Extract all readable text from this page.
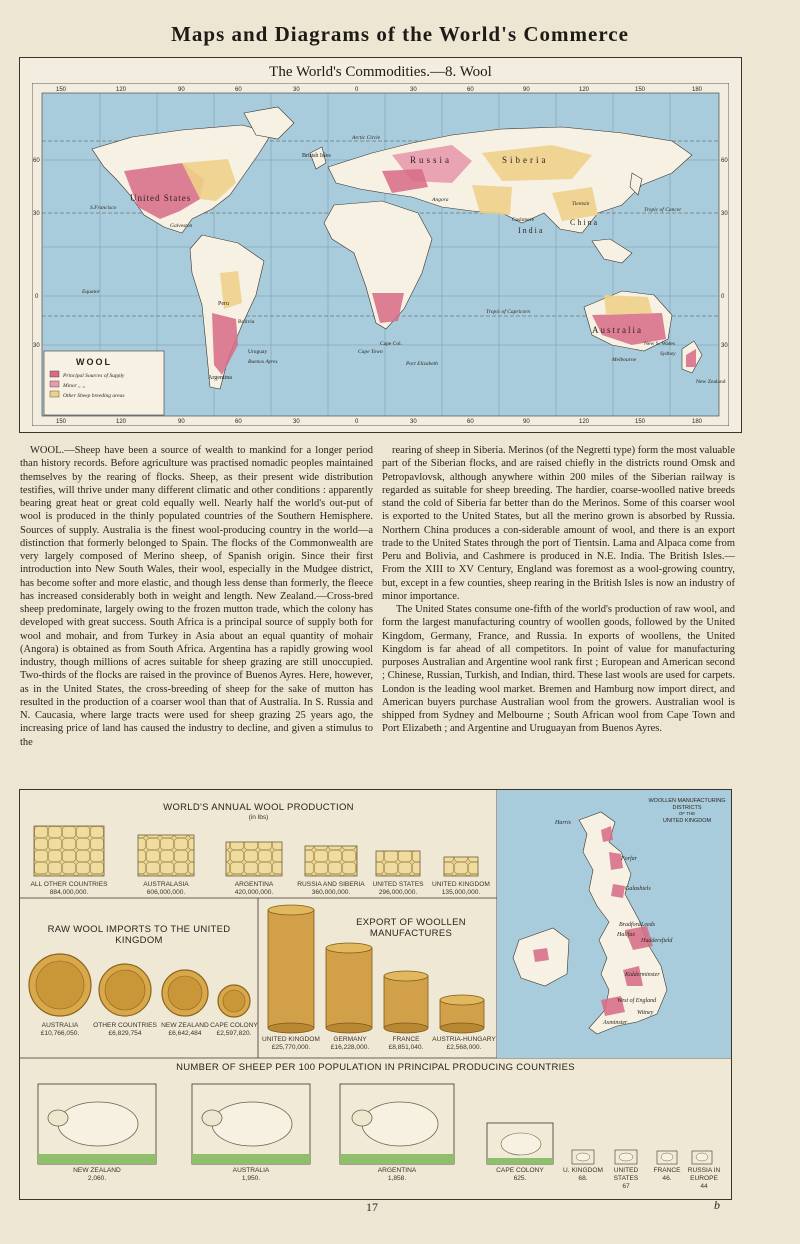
Maps and Diagrams of the World's Commerce
The World's Commodities.—8. Wool
150	120	90	60	30	0	30	60	90	120	150	180
150	120	90	60	30	0	30	60	90	120	150	180
60
30
0
30
60
30
0
30
Arctic Circle
Tropic of Cancer
Equator
Tropic of Capricorn
British Isles	Russia	Siberia
United States
S.Francisco
Galveston
Angora
Cashmere
India
China
Tientsin
Peru
Bolivia
Buenos Ayres
Argentina
Uruguay
Cape Col.
Cape Town
Port Elizabeth
Australia
New S. Wales
Sydney
Melbourne
New Zealand
WOOL
Principal Sources of Supply
Minor „ „
Other Sheep breeding areas

WOOL.—Sheep have been a source of wealth to mankind for a longer period than history records. Before agriculture was practised nomadic peoples maintained themselves by the rearing of flocks. Sheep, as their present wide distribution testifies, will thrive under many different climatic and other conditions : apparently bearing great heat or great cold equally well. Nearly half the world's out-put of wool is produced in the thinly populated countries of the Southern Hemisphere. Sources of supply. Australia is the finest wool-producing country in the world—a distinction that formerly belonged to Spain. The flocks of the Commonwealth are very largely composed of Merino sheep, of Spanish origin. Since their first introduction into New South Wales, their wool, especially in the Mudgee district, has become softer and more elastic, and though less dense than formerly, the fleece has increased considerably both in weight and length. New Zealand.—Cross-bred sheep predominate, largely owing to the frozen mutton trade, which the colony has developed with great success. South Africa is a principal source of supply both for wool and mohair, and from Turkey in Asia about an equal quantity of mohair (Angora) is obtained as from South Africa. Argentina has a rapidly growing wool industry, though millions of acres suitable for sheep grazing are still unoccupied. Two-thirds of the flocks are raised in the province of Buenos Ayres. Here, however, as in the United States, the cross-breeding of sheep for the sake of mutton has resulted in the production of a coarser wool than that of Australia. In S. Russia and N. Caucasia, where large tracts were used for sheep grazing 25 years ago, the increasing price of land has caused the industry to decline, and given a stimulus to the

rearing of sheep in Siberia. Merinos (of the Negretti type) form the most valuable part of the Siberian flocks, and are raised chiefly in the districts round Omsk and Petropavlovsk, although anywhere within 200 miles of the Siberian railway is regarded as suitable for sheep breeding. The hardier, coarse-woolled native breeds stand the cold of Siberia far better than do the Merinos. Some of this coarser wool is exported to the United States, but all the merino grown is absorbed by Russia. Northern China produces a con-siderable amount of wool, and there is an export trade to the United States through the port of Tientsin. Lama and Alpaca come from Peru and Bolivia, and Cashmere is produced in N.E. India. The British Isles.—From the XIII to XV Century, England was foremost as a wool-growing country, but, except in a few counties, sheep rearing in the British Isles is now an industry of minor importance.

The United States consume one-fifth of the world's production of raw wool, and form the largest manufacturing country of woollen goods, followed by the United Kingdom, Germany, France, and Russia. In exports of woollens, the United Kingdom is far ahead of all competitors. In point of value for manufacturing purposes Australian and Argentine wool rank first ; European and American second ; Chinese, Russian, Turkish, and Indian, third. These last wools are used for carpets. London is the leading wool market. Bremen and Hamburg now import direct, and American buyers purchase Australian wool from the growers. Australian wool is shipped from Sydney and Melbourne ; South African wool from Cape Town and Port Elizabeth ; and Argentine and Uruguayan from Buenos Ayres.

WORLD'S ANNUAL WOOL PRODUCTION
(in lbs)
ALL OTHER COUNTRIES
884,000,000.
AUSTRALASIA
606,000,000.
ARGENTINA
420,000,000.
RUSSIA AND SIBERIA
360,000,000.
UNITED STATES
296,000,000.
UNITED KINGDOM
135,000,000.
RAW WOOL IMPORTS TO THE UNITED KINGDOM
AUSTRALIA
£10,766,050.
OTHER COUNTRIES
£6,829,754
NEW ZEALAND
£6,642,484
CAPE COLONY
£2,597,820.
EXPORT OF WOOLLEN MANUFACTURES
UNITED KINGDOM
£25,770,000.
GERMANY
£16,228,000.
FRANCE
£8,851,040.
AUSTRIA-HUNGARY
£2,568,000.
WOOLLEN MANUFACTURING
DISTRICTS
OF THE
UNITED KINGDOM
Harris
Forfar
Galashiels
Bradford Leeds
Halifax
Huddersfield
Kidderminster
West of England
Witney
Axminster
NUMBER OF SHEEP PER 100 POPULATION IN PRINCIPAL PRODUCING COUNTRIES
NEW ZEALAND
2,060.
AUSTRALIA
1,950.
ARGENTINA
1,858.
CAPE COLONY
625.
U. KINGDOM
68.
UNITED STATES
67
FRANCE
46.
RUSSIA IN EUROPE
44
17	b
